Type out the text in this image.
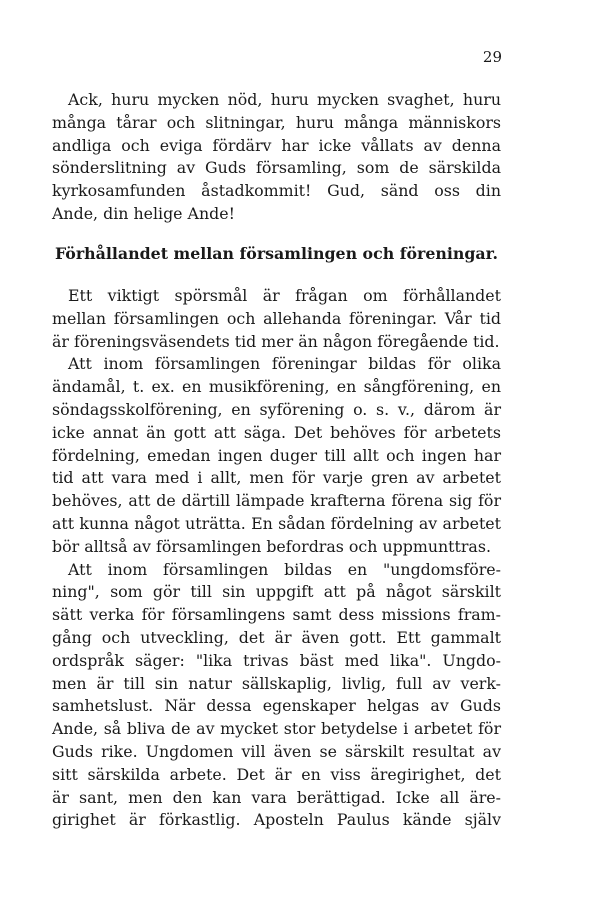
29
Ack, huru mycken nöd, huru mycken svaghet, huru
många tårar och slitningar, huru många människors
andliga och eviga fördärv har icke vållats av denna
sönderslitning av Guds församling, som de särskilda
kyrkosamfunden åstadkommit! Gud, sänd oss din
Ande, din helige Ande!
Förhållandet mellan församlingen och föreningar.
Ett viktigt spörsmål är frågan om förhållandet
mellan församlingen och allehanda föreningar. Vår tid
är föreningsväsendets tid mer än någon föregående tid.
Att inom församlingen föreningar bildas för olika
ändamål, t. ex. en musikförening, en sångförening, en
söndagsskolförening, en syförening o. s. v., därom är
icke annat än gott att säga. Det behöves för arbetets
fördelning, emedan ingen duger till allt och ingen har
tid att vara med i allt, men för varje gren av arbetet
behöves, att de därtill lämpade krafterna förena sig för
att kunna något uträtta. En sådan fördelning av arbetet
bör alltså av församlingen befordras och uppmunttras.
Att inom församlingen bildas en "ungdomsföre-
ning", som gör till sin uppgift att på något särskilt
sätt verka för församlingens samt dess missions fram-
gång och utveckling, det är även gott. Ett gammalt
ordspråk säger: "lika trivas bäst med lika". Ungdo-
men är till sin natur sällskaplig, livlig, full av verk-
samhetslust. När dessa egenskaper helgas av Guds
Ande, så bliva de av mycket stor betydelse i arbetet för
Guds rike. Ungdomen vill även se särskilt resultat av
sitt särskilda arbete. Det är en viss äregirighet, det
är sant, men den kan vara berättigad. Icke all äre-
girighet är förkastlig. Aposteln Paulus kände själv
